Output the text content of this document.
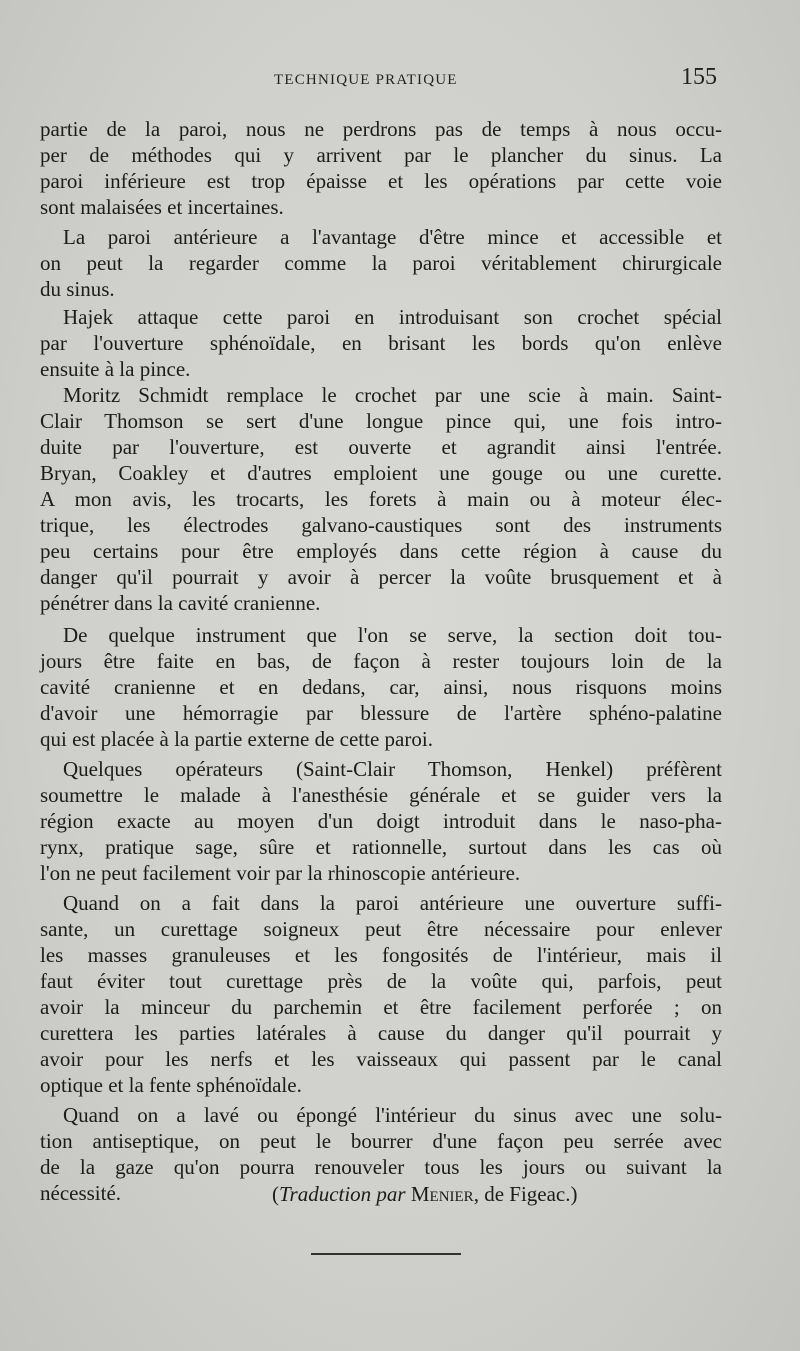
TECHNIQUE PRATIQUE	155
partie de la paroi, nous ne perdrons pas de temps à nous occu-
per de méthodes qui y arrivent par le plancher du sinus. La
paroi inférieure est trop épaisse et les opérations par cette voie
sont malaisées et incertaines.
La paroi antérieure a l'avantage d'être mince et accessible et
on peut la regarder comme la paroi véritablement chirurgicale
du sinus.
Hajek attaque cette paroi en introduisant son crochet spécial
par l'ouverture sphénoïdale, en brisant les bords qu'on enlève
ensuite à la pince.
Moritz Schmidt remplace le crochet par une scie à main. Saint-
Clair Thomson se sert d'une longue pince qui, une fois intro-
duite par l'ouverture, est ouverte et agrandit ainsi l'entrée.
Bryan, Coakley et d'autres emploient une gouge ou une curette.
A mon avis, les trocarts, les forets à main ou à moteur élec-
trique, les électrodes galvano-caustiques sont des instruments
peu certains pour être employés dans cette région à cause du
danger qu'il pourrait y avoir à percer la voûte brusquement et à
pénétrer dans la cavité cranienne.
De quelque instrument que l'on se serve, la section doit tou-
jours être faite en bas, de façon à rester toujours loin de la
cavité cranienne et en dedans, car, ainsi, nous risquons moins
d'avoir une hémorragie par blessure de l'artère sphéno-palatine
qui est placée à la partie externe de cette paroi.
Quelques opérateurs (Saint-Clair Thomson, Henkel) préfèrent
soumettre le malade à l'anesthésie générale et se guider vers la
région exacte au moyen d'un doigt introduit dans le naso-pha-
rynx, pratique sage, sûre et rationnelle, surtout dans les cas où
l'on ne peut facilement voir par la rhinoscopie antérieure.
Quand on a fait dans la paroi antérieure une ouverture suffi-
sante, un curettage soigneux peut être nécessaire pour enlever
les masses granuleuses et les fongosités de l'intérieur, mais il
faut éviter tout curettage près de la voûte qui, parfois, peut
avoir la minceur du parchemin et être facilement perforée ; on
curettera les parties latérales à cause du danger qu'il pourrait y
avoir pour les nerfs et les vaisseaux qui passent par le canal
optique et la fente sphénoïdale.
Quand on a lavé ou épongé l'intérieur du sinus avec une solu-
tion antiseptique, on peut le bourrer d'une façon peu serrée avec
de la gaze qu'on pourra renouveler tous les jours ou suivant la
nécessité.	(Traduction par Menier, de Figeac.)
